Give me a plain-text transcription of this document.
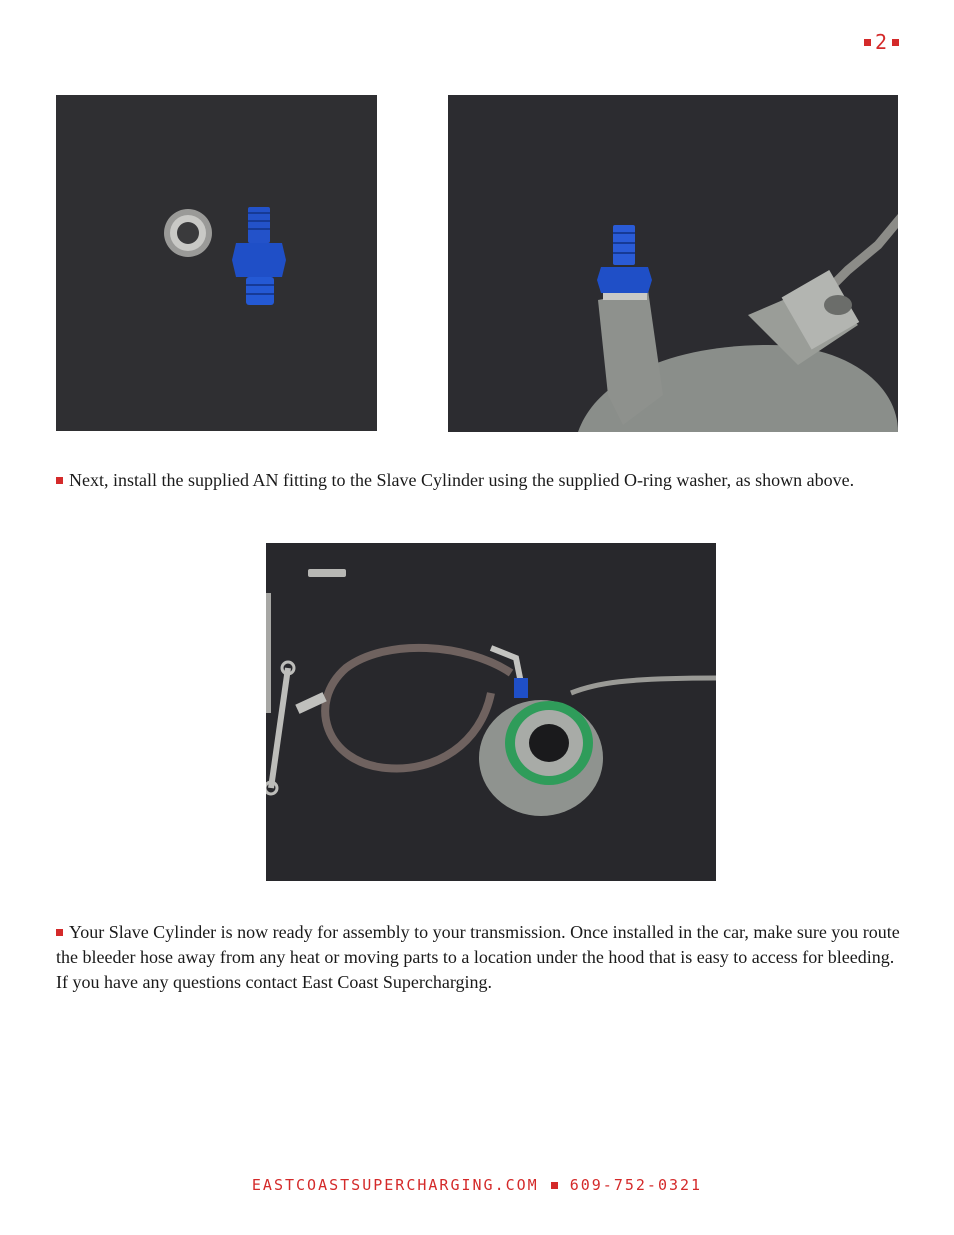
2

Next, install the supplied AN fitting to the Slave Cylinder using the supplied O-ring washer, as shown above.

Your Slave Cylinder is now ready for assembly to your transmission. Once installed in the car, make sure you route the bleeder hose away from any heat or moving parts to a location under the hood that is easy to access for bleeding. If you have any questions contact East Coast Supercharging.

EASTCOASTSUPERCHARGING.COM 609-752-0321
